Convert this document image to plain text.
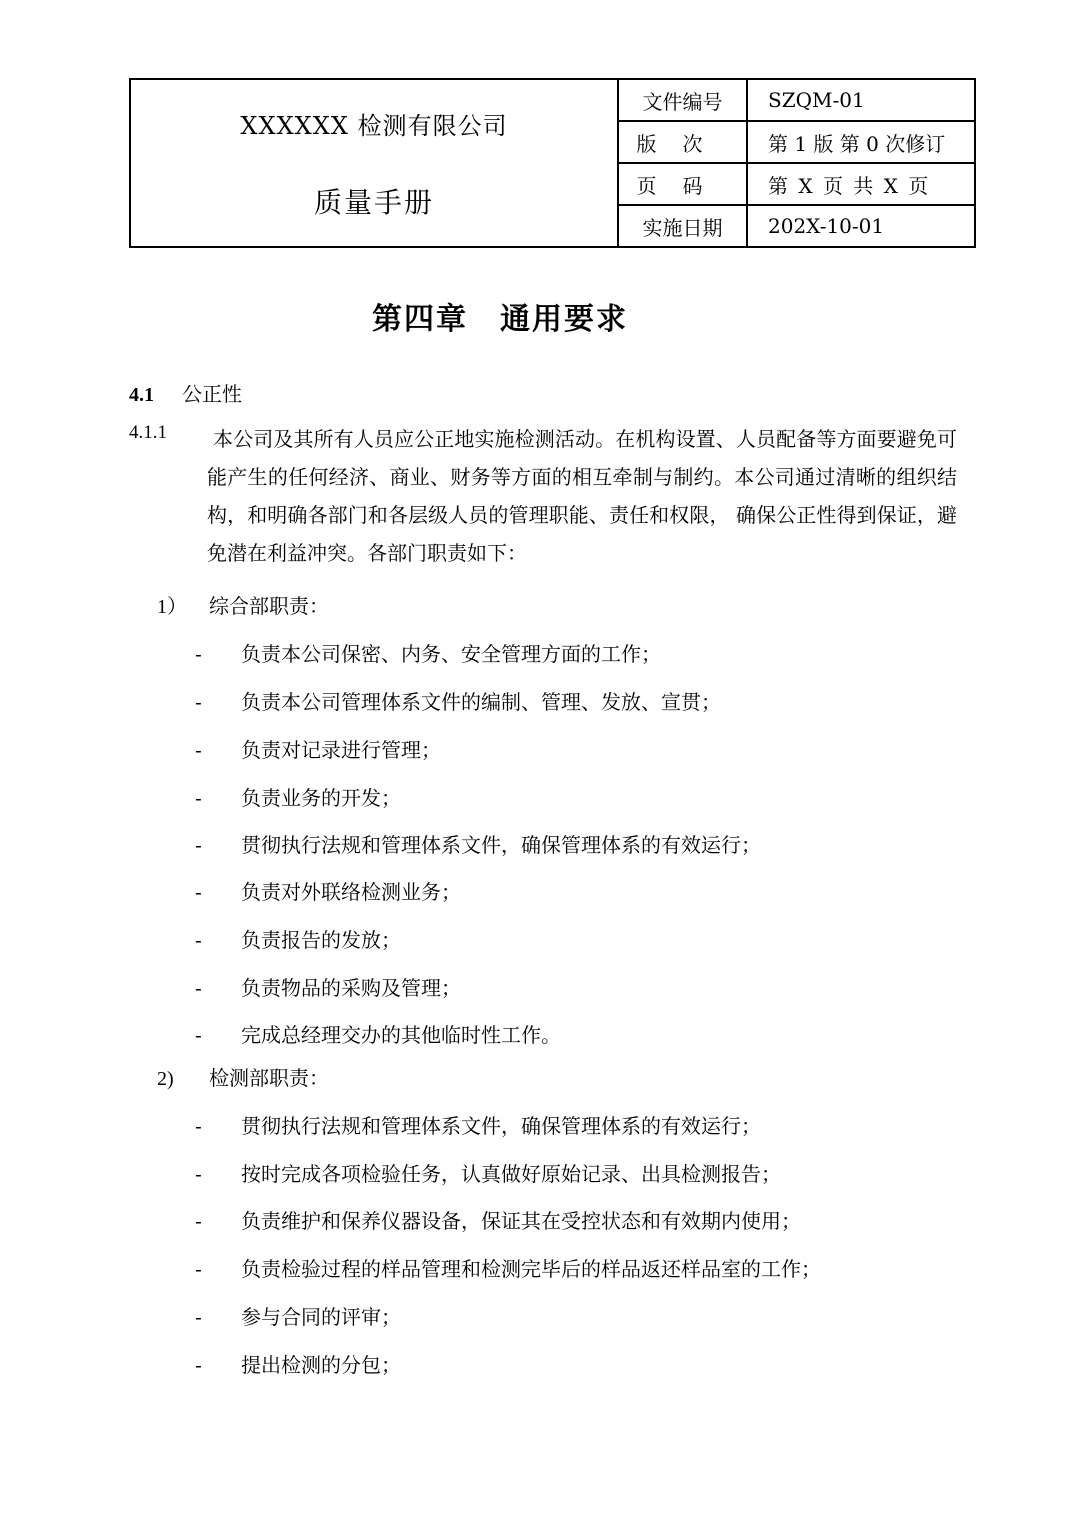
XXXXXX 检测有限公司
质量手册	文件编号	SZQM-01
	版次	第 1 版 第 0 次修订
	页码	第 X 页 共 X 页
	实施日期	202X-10-01
第四章 通用要求
4.1 公正性
4.1.1	本公司及其所有人员应公正地实施检测活动。在机构设置、人员配备等方面要避免可能产生的任何经济、商业、财务等方面的相互牵制与制约。本公司通过清晰的组织结构，和明确各部门和各层级人员的管理职能、责任和权限， 确保公正性得到保证，避免潜在利益冲突。各部门职责如下：
1） 综合部职责：
- 负责本公司保密、内务、安全管理方面的工作；
- 负责本公司管理体系文件的编制、管理、发放、宣贯；
- 负责对记录进行管理；
- 负责业务的开发；
- 贯彻执行法规和管理体系文件，确保管理体系的有效运行；
- 负责对外联络检测业务；
- 负责报告的发放；
- 负责物品的采购及管理；
- 完成总经理交办的其他临时性工作。
2) 检测部职责：
- 贯彻执行法规和管理体系文件，确保管理体系的有效运行；
- 按时完成各项检验任务，认真做好原始记录、出具检测报告；
- 负责维护和保养仪器设备，保证其在受控状态和有效期内使用；
- 负责检验过程的样品管理和检测完毕后的样品返还样品室的工作；
- 参与合同的评审；
- 提出检测的分包；
